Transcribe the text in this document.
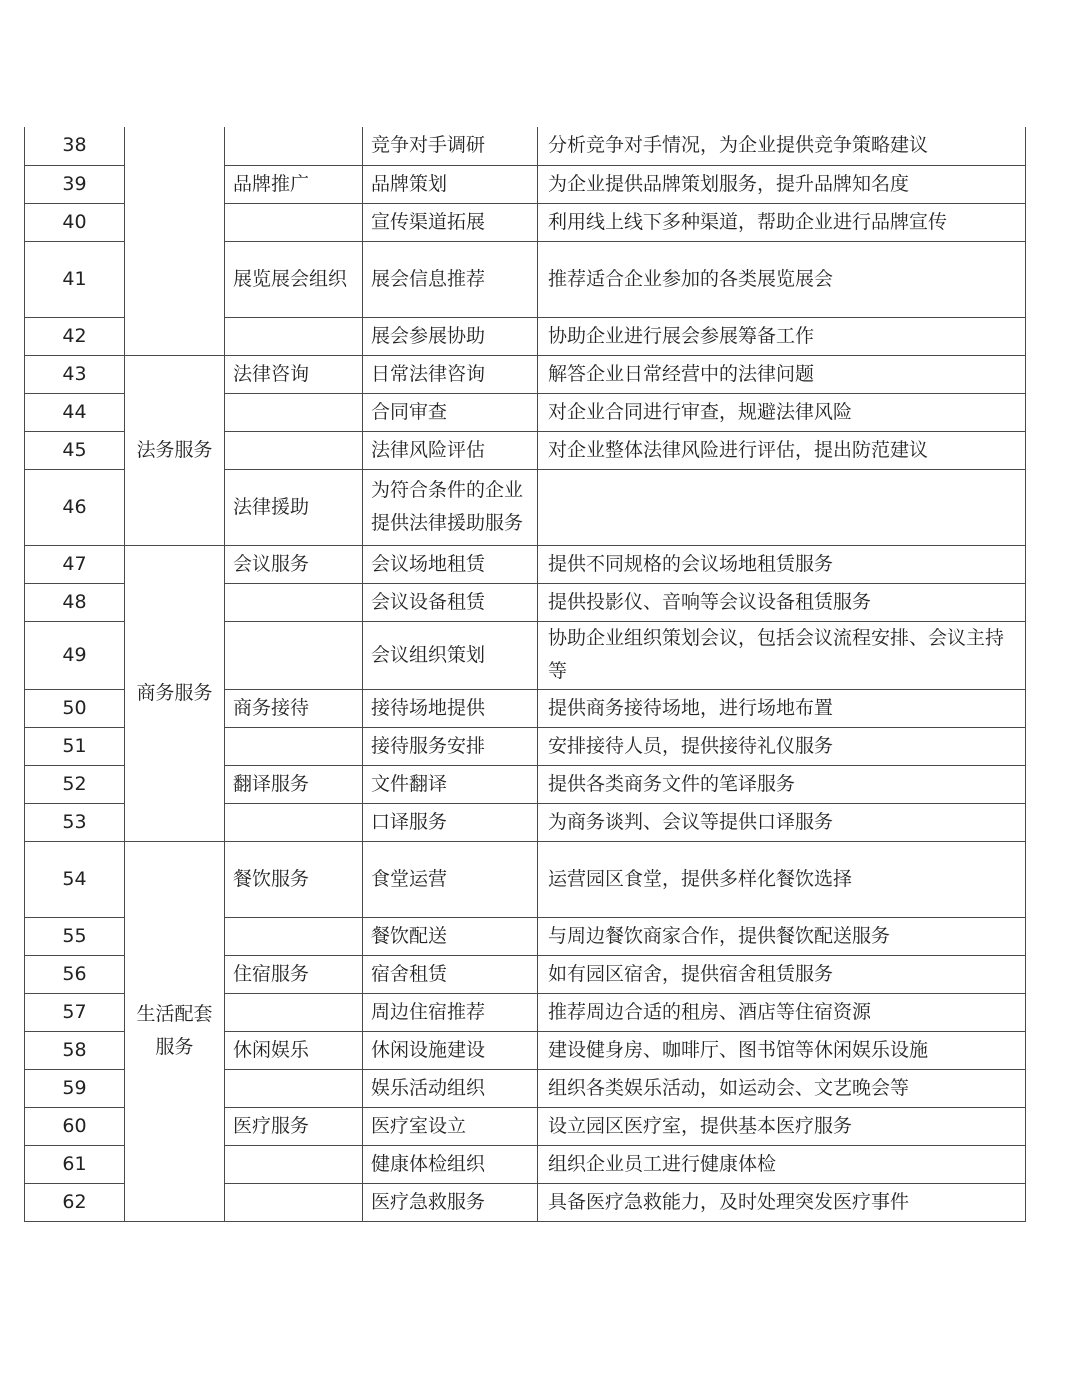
38			竞争对手调研	分析竞争对手情况，为企业提供竞争策略建议
39		品牌推广	品牌策划	为企业提供品牌策划服务，提升品牌知名度
40			宣传渠道拓展	利用线上线下多种渠道，帮助企业进行品牌宣传
41		展览展会组织	展会信息推荐	推荐适合企业参加的各类展览展会
42			展会参展协助	协助企业进行展会参展筹备工作
43	法务服务	法律咨询	日常法律咨询	解答企业日常经营中的法律问题
44			合同审查	对企业合同进行审查，规避法律风险
45			法律风险评估	对企业整体法律风险进行评估，提出防范建议
46		法律援助	为符合条件的企业提供法律援助服务	
47	商务服务	会议服务	会议场地租赁	提供不同规格的会议场地租赁服务
48			会议设备租赁	提供投影仪、音响等会议设备租赁服务
49			会议组织策划	协助企业组织策划会议，包括会议流程安排、会议主持等
50		商务接待	接待场地提供	提供商务接待场地，进行场地布置
51			接待服务安排	安排接待人员，提供接待礼仪服务
52		翻译服务	文件翻译	提供各类商务文件的笔译服务
53			口译服务	为商务谈判、会议等提供口译服务
54	生活配套服务	餐饮服务	食堂运营	运营园区食堂，提供多样化餐饮选择
55			餐饮配送	与周边餐饮商家合作，提供餐饮配送服务
56		住宿服务	宿舍租赁	如有园区宿舍，提供宿舍租赁服务
57			周边住宿推荐	推荐周边合适的租房、酒店等住宿资源
58		休闲娱乐	休闲设施建设	建设健身房、咖啡厅、图书馆等休闲娱乐设施
59			娱乐活动组织	组织各类娱乐活动，如运动会、文艺晚会等
60		医疗服务	医疗室设立	设立园区医疗室，提供基本医疗服务
61			健康体检组织	组织企业员工进行健康体检
62			医疗急救服务	具备医疗急救能力，及时处理突发医疗事件
